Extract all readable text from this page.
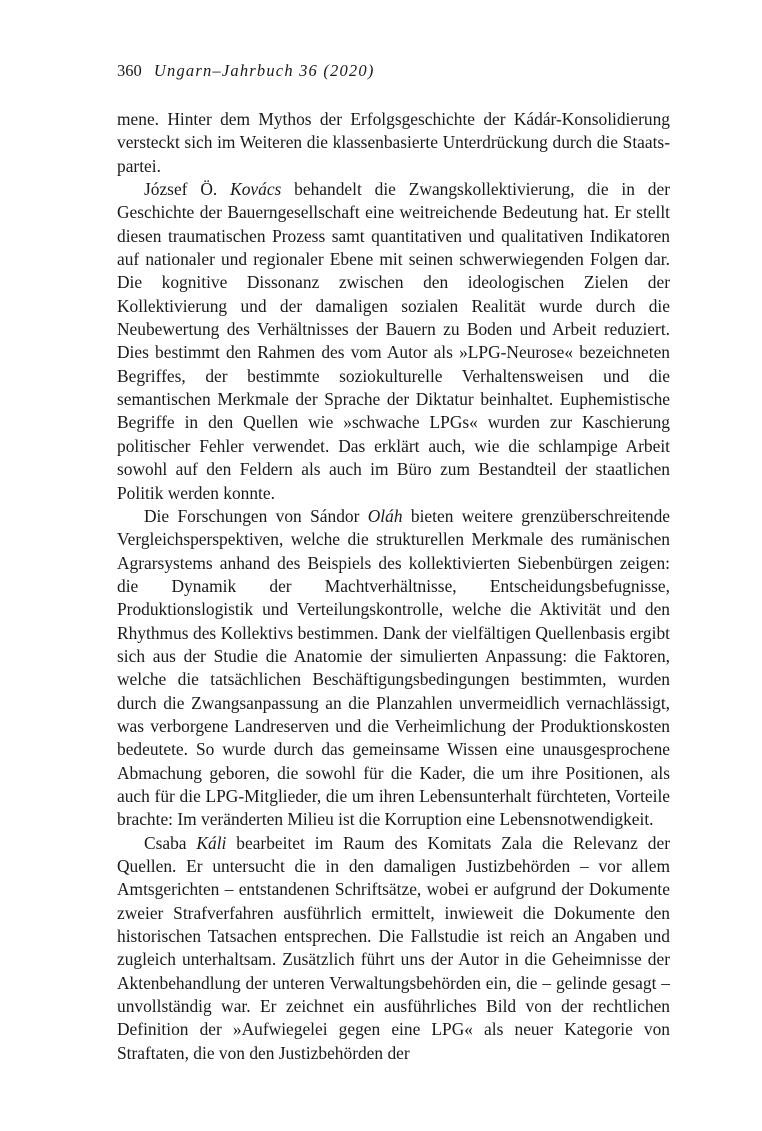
360 Ungarn–Jahrbuch 36 (2020)

mene. Hinter dem Mythos der Erfolgsgeschichte der Kádár-Konsolidierung versteckt sich im Weiteren die klassenbasierte Unterdrückung durch die Staatspartei.

József Ö. Kovács behandelt die Zwangskollektivierung, die in der Geschichte der Bauerngesellschaft eine weitreichende Bedeutung hat. Er stellt diesen traumatischen Prozess samt quantitativen und qualitativen Indikatoren auf nationaler und regionaler Ebene mit seinen schwerwiegenden Folgen dar. Die kognitive Dissonanz zwischen den ideologischen Zielen der Kollektivierung und der damaligen sozialen Realität wurde durch die Neubewertung des Verhältnisses der Bauern zu Boden und Arbeit reduziert. Dies bestimmt den Rahmen des vom Autor als »LPG-Neurose« bezeichneten Begriffes, der bestimmte soziokulturelle Verhaltensweisen und die semantischen Merkmale der Sprache der Diktatur beinhaltet. Euphemistische Begriffe in den Quellen wie »schwache LPGs« wurden zur Kaschierung politischer Fehler verwendet. Das erklärt auch, wie die schlampige Arbeit sowohl auf den Feldern als auch im Büro zum Bestandteil der staatlichen Politik werden konnte.

Die Forschungen von Sándor Oláh bieten weitere grenzüberschreitende Vergleichsperspektiven, welche die strukturellen Merkmale des rumänischen Agrarsystems anhand des Beispiels des kollektivierten Siebenbürgen zeigen: die Dynamik der Machtverhältnisse, Entscheidungsbefugnisse, Produktionslogistik und Verteilungskontrolle, welche die Aktivität und den Rhythmus des Kollektivs bestimmen. Dank der vielfältigen Quellenbasis ergibt sich aus der Studie die Anatomie der simulierten Anpassung: die Faktoren, welche die tatsächlichen Beschäftigungsbedingungen bestimmten, wurden durch die Zwangsanpassung an die Planzahlen unvermeidlich vernachlässigt, was verborgene Landreserven und die Verheimlichung der Produktionskosten bedeutete. So wurde durch das gemeinsame Wissen eine unausgesprochene Abmachung geboren, die sowohl für die Kader, die um ihre Positionen, als auch für die LPG-Mitglieder, die um ihren Lebensunterhalt fürchteten, Vorteile brachte: Im veränderten Milieu ist die Korruption eine Lebensnotwendigkeit.

Csaba Káli bearbeitet im Raum des Komitats Zala die Relevanz der Quellen. Er untersucht die in den damaligen Justizbehörden – vor allem Amtsgerichten – entstandenen Schriftsätze, wobei er aufgrund der Dokumente zweier Strafverfahren ausführlich ermittelt, inwieweit die Dokumente den historischen Tatsachen entsprechen. Die Fallstudie ist reich an Angaben und zugleich unterhaltsam. Zusätzlich führt uns der Autor in die Geheimnisse der Aktenbehandlung der unteren Verwaltungsbehörden ein, die – gelinde gesagt – unvollständig war. Er zeichnet ein ausführliches Bild von der rechtlichen Definition der »Aufwiegelei gegen eine LPG« als neuer Kategorie von Straftaten, die von den Justizbehörden der
